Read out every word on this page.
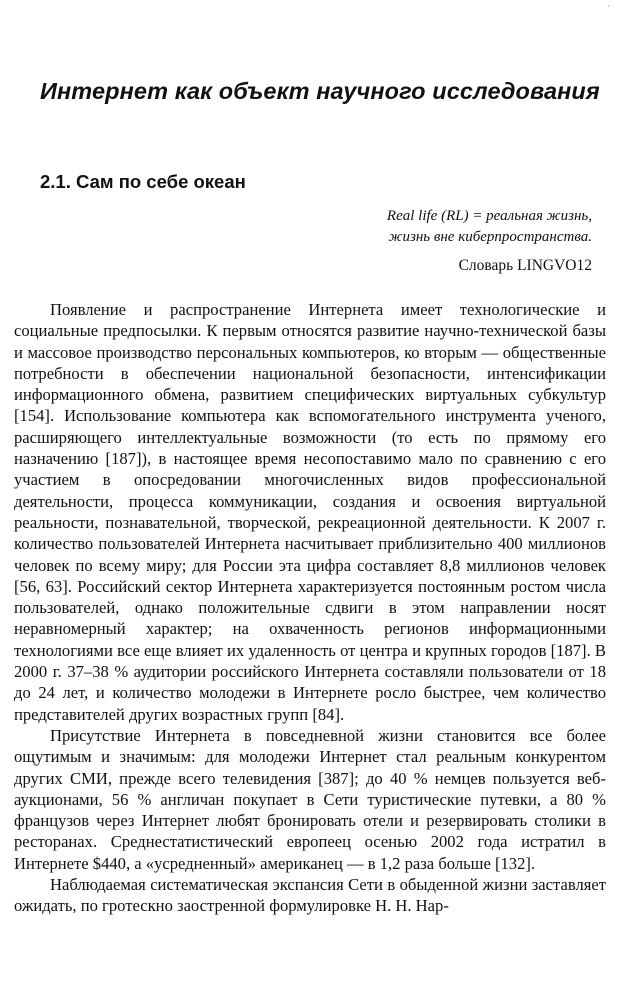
·
Интернет как объект научного исследования
2.1. Сам по себе океан
Real life (RL) = реальная жизнь,
жизнь вне киберпространства.
Словарь LINGVO12

Появление и распространение Интернета имеет технологические и социальные предпосылки. К первым относятся развитие научно-технической базы и массовое производство персональных компьютеров, ко вторым — общественные потребности в обеспечении национальной безопасности, интенсификации информационного обмена, развитием специфических виртуальных субкультур [154]. Использование компьютера как вспомогательного инструмента ученого, расширяющего интеллектуальные возможности (то есть по прямому его назначению [187]), в настоящее время несопоставимо мало по сравнению с его участием в опосредовании многочисленных видов профессиональной деятельности, процесса коммуникации, создания и освоения виртуальной реальности, познавательной, творческой, рекреационной деятельности. К 2007 г. количество пользователей Интернета насчитывает приблизительно 400 миллионов человек по всему миру; для России эта цифра составляет 8,8 миллионов человек [56, 63]. Российский сектор Интернета характеризуется постоянным ростом числа пользователей, однако положительные сдвиги в этом направлении носят неравномерный характер; на охваченность регионов информационными технологиями все еще влияет их удаленность от центра и крупных городов [187]. В 2000 г. 37–38 % аудитории российского Интернета составляли пользователи от 18 до 24 лет, и количество молодежи в Интернете росло быстрее, чем количество представителей других возрастных групп [84].

Присутствие Интернета в повседневной жизни становится все более ощутимым и значимым: для молодежи Интернет стал реальным конкурентом других СМИ, прежде всего телевидения [387]; до 40 % немцев пользуется веб-аукционами, 56 % англичан покупает в Сети туристические путевки, а 80 % французов через Интернет любят бронировать отели и резервировать столики в ресторанах. Среднестатистический европеец осенью 2002 года истратил в Интернете $440, а «усредненный» американец — в 1,2 раза больше [132].

Наблюдаемая систематическая экспансия Сети в обыденной жизни заставляет ожидать, по гротескно заостренной формулировке Н. Н. Нар-
